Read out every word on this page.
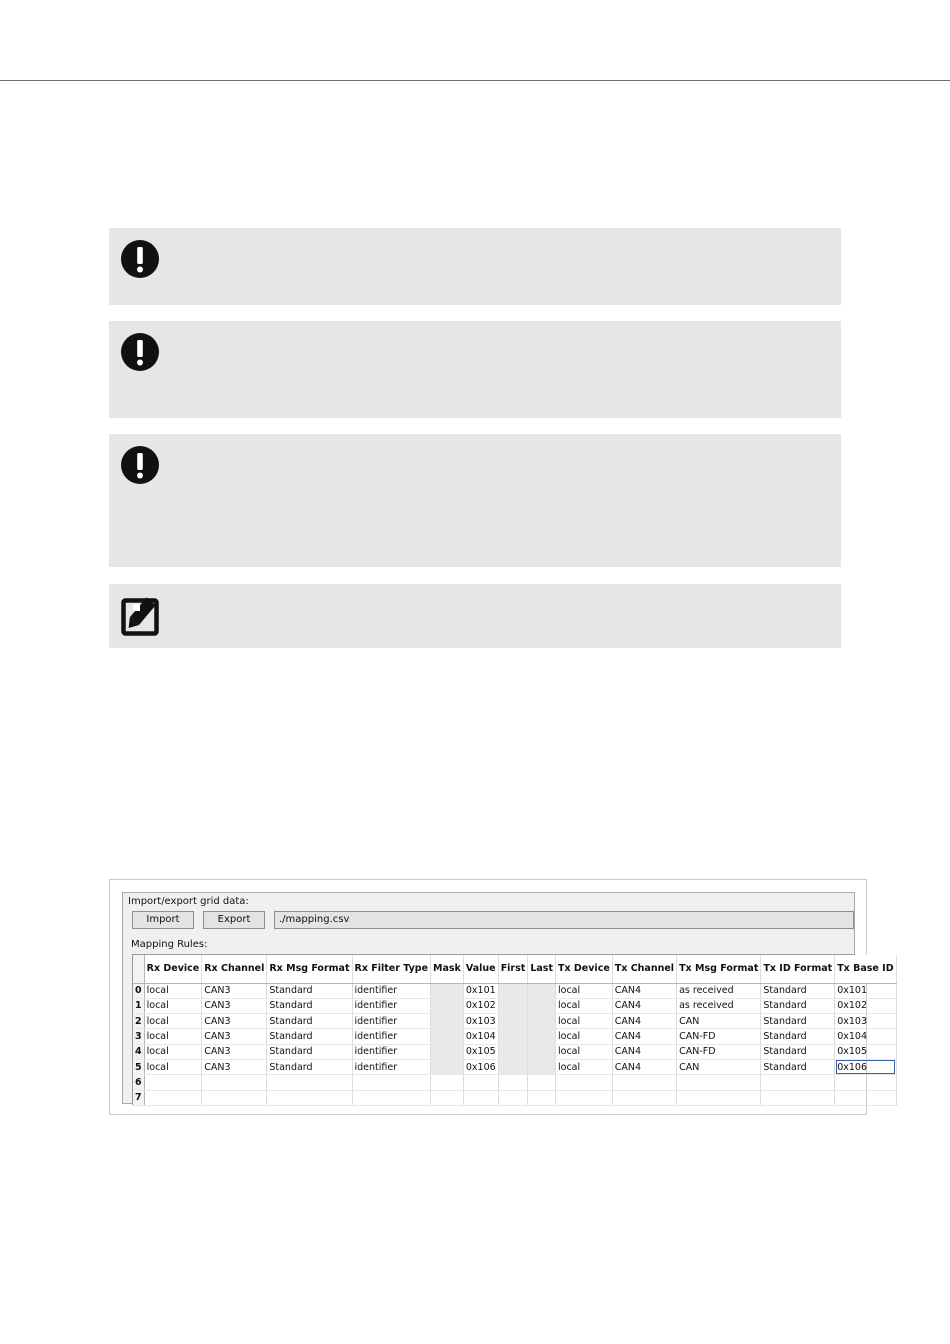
Import/export grid data:
Import	Export	./mapping.csv
Mapping Rules:
	Rx Device	Rx Channel	Rx Msg Format	Rx Filter Type	Mask	Value	First	Last	Tx Device	Tx Channel	Tx Msg Format	Tx ID Format	Tx Base ID
0	local	CAN3	Standard	identifier		0x101			local	CAN4	as received	Standard	0x101
1	local	CAN3	Standard	identifier		0x102			local	CAN4	as received	Standard	0x102
2	local	CAN3	Standard	identifier		0x103			local	CAN4	CAN	Standard	0x103
3	local	CAN3	Standard	identifier		0x104			local	CAN4	CAN-FD	Standard	0x104
4	local	CAN3	Standard	identifier		0x105			local	CAN4	CAN-FD	Standard	0x105
5	local	CAN3	Standard	identifier		0x106			local	CAN4	CAN	Standard	0x106
6													
7													
